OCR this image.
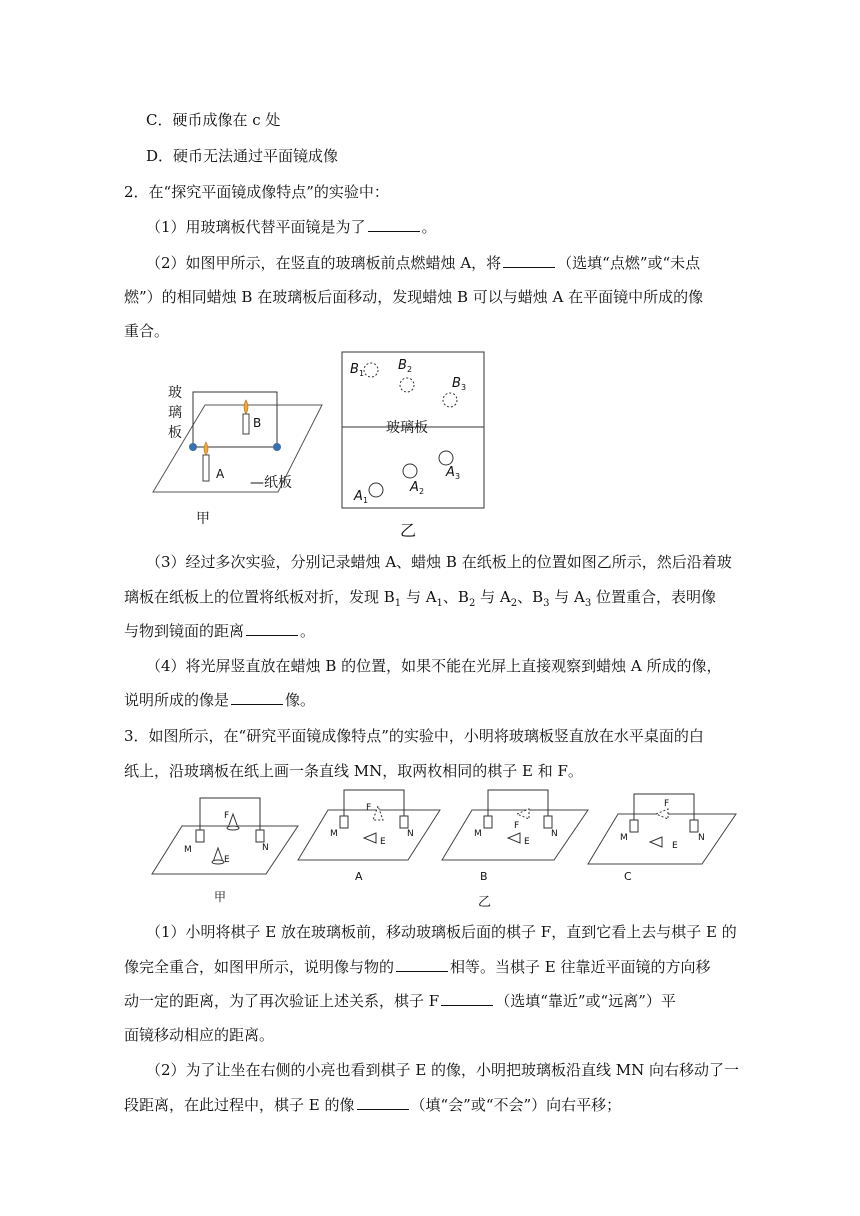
C．硬币成像在 c 处
D．硬币无法通过平面镜成像
2．在“探究平面镜成像特点”的实验中：
（1）用玻璃板代替平面镜是为了	。
（2）如图甲所示，在竖直的玻璃板前点燃蜡烛 A，将	（选填“点燃”或“未点
燃”）的相同蜡烛 B 在玻璃板后面移动，发现蜡烛 B 可以与蜡烛 A 在平面镜中所成的像
重合。
玻
璃
板
B
A
—纸板
甲
B 1
B 2
B 3
玻璃板
A 1
A 2
A 3
乙
（3）经过多次实验，分别记录蜡烛 A、蜡烛 B 在纸板上的位置如图乙所示，然后沿着玻
璃板在纸板上的位置将纸板对折，发现 $B_1$ 与 $A_1$、$B_2$ 与 $A_2$、$B_3$ 与 $A_3$ 位置重合，表明像
与物到镜面的距离	。
（4）将光屏竖直放在蜡烛 B 的位置，如果不能在光屏上直接观察到蜡烛 A 所成的像，
说明所成的像是	像。
3．如图所示，在“研究平面镜成像特点”的实验中，小明将玻璃板竖直放在水平桌面的白
纸上，沿玻璃板在纸上画一条直线 MN，取两枚相同的棋子 E 和 F。
M	N
F
E
甲
M	N
F
E
A
M	N
F
E
B
乙
M	N
F
E
C
（1）小明将棋子 E 放在玻璃板前，移动玻璃板后面的棋子 F，直到它看上去与棋子 E 的
像完全重合，如图甲所示，说明像与物的	相等。当棋子 E 往靠近平面镜的方向移
动一定的距离，为了再次验证上述关系，棋子 F	（选填“靠近”或“远离”）平
面镜移动相应的距离。
（2）为了让坐在右侧的小亮也看到棋子 E 的像，小明把玻璃板沿直线 MN 向右移动了一
段距离，在此过程中，棋子 E 的像	（填“会”或“不会”）向右平移；
